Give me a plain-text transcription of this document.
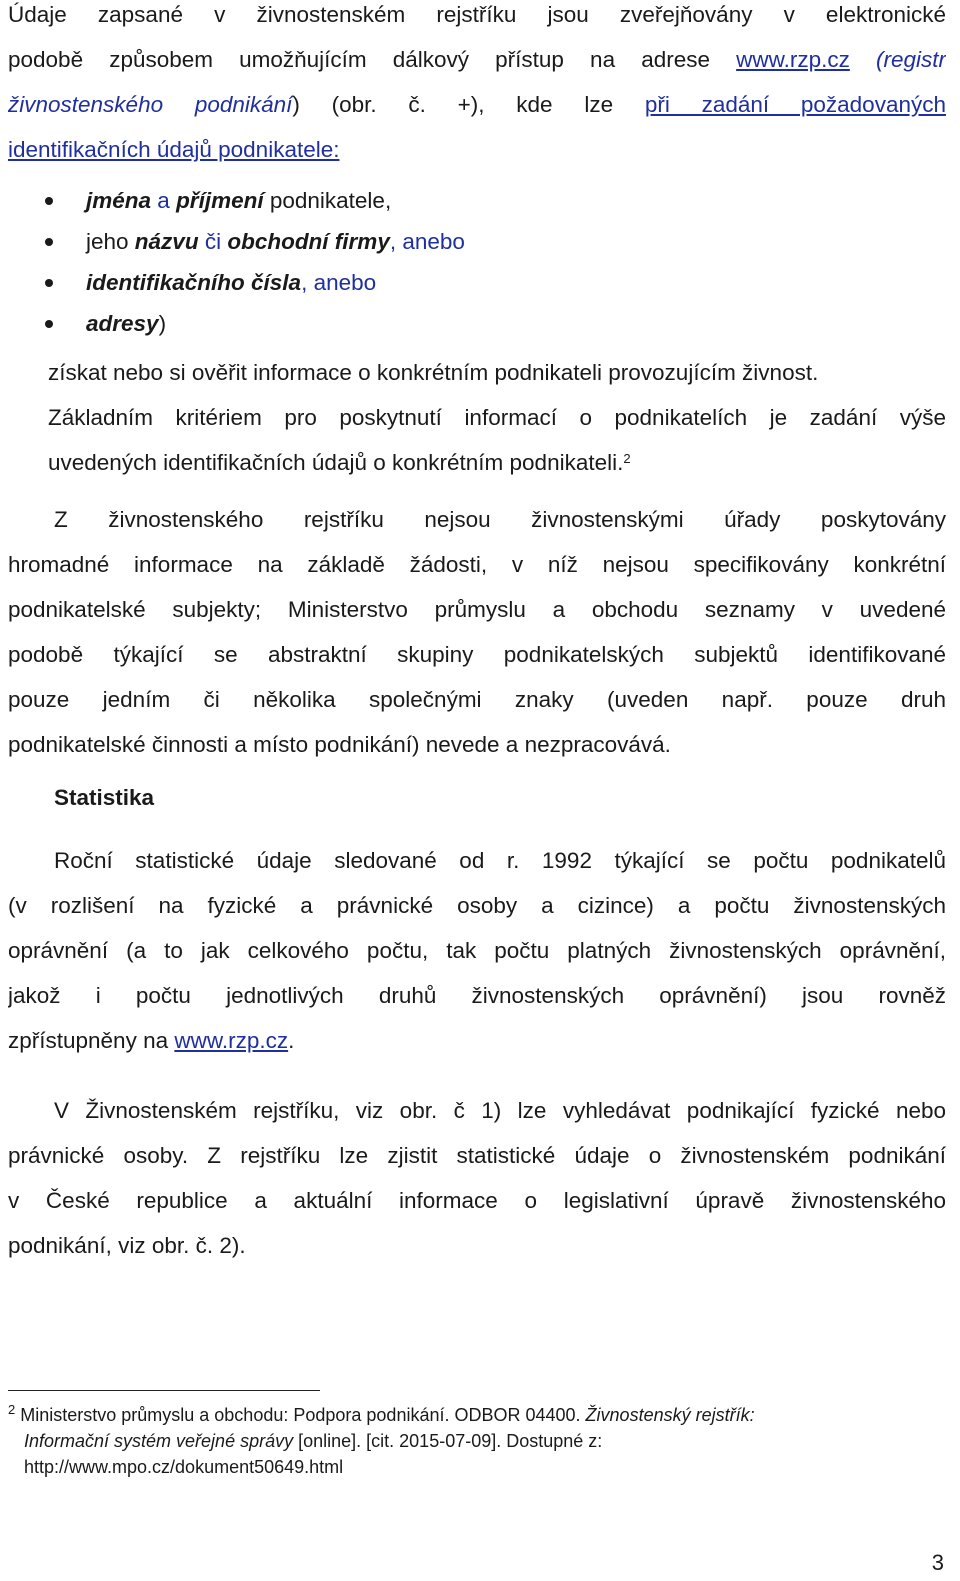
Údaje zapsané v živnostenském rejstříku jsou zveřejňovány v elektronické
podobě způsobem umožňujícím dálkový přístup na adrese www.rzp.cz (registr
živnostenského podnikání) (obr. č. +), kde lze při zadání požadovaných
identifikačních údajů podnikatele:
jména a příjmení podnikatele,
jeho názvu či obchodní firmy, anebo
identifikačního čísla, anebo
adresy)
získat nebo si ověřit informace o konkrétním podnikateli provozujícím živnost.
Základním kritériem pro poskytnutí informací o podnikatelích je zadání výše
uvedených identifikačních údajů o konkrétním podnikateli.$^2$
Z živnostenského rejstříku nejsou živnostenskými úřady poskytovány
hromadné informace na základě žádosti, v níž nejsou specifikovány konkrétní
podnikatelské subjekty; Ministerstvo průmyslu a obchodu seznamy v uvedené
podobě týkající se abstraktní skupiny podnikatelských subjektů identifikované
pouze jedním či několika společnými znaky (uveden např. pouze druh
podnikatelské činnosti a místo podnikání) nevede a nezpracovává.
Statistika
Roční statistické údaje sledované od r. 1992 týkající se počtu podnikatelů
(v rozlišení na fyzické a právnické osoby a cizince) a počtu živnostenských
oprávnění (a to jak celkového počtu, tak počtu platných živnostenských oprávnění,
jakož i počtu jednotlivých druhů živnostenských oprávnění) jsou rovněž
zpřístupněny na www.rzp.cz.
V Živnostenském rejstříku, viz obr. č 1) lze vyhledávat podnikající fyzické nebo
právnické osoby. Z rejstříku lze zjistit statistické údaje o živnostenském podnikání
v České republice a aktuální informace o legislativní úpravě živnostenského
podnikání, viz obr. č. 2).
$^2$ Ministerstvo průmyslu a obchodu: Podpora podnikání. ODBOR 04400. Živnostenský rejstřík:
Informační systém veřejné správy [online]. [cit. 2015-07-09]. Dostupné z:
http://www.mpo.cz/dokument50649.html
3
